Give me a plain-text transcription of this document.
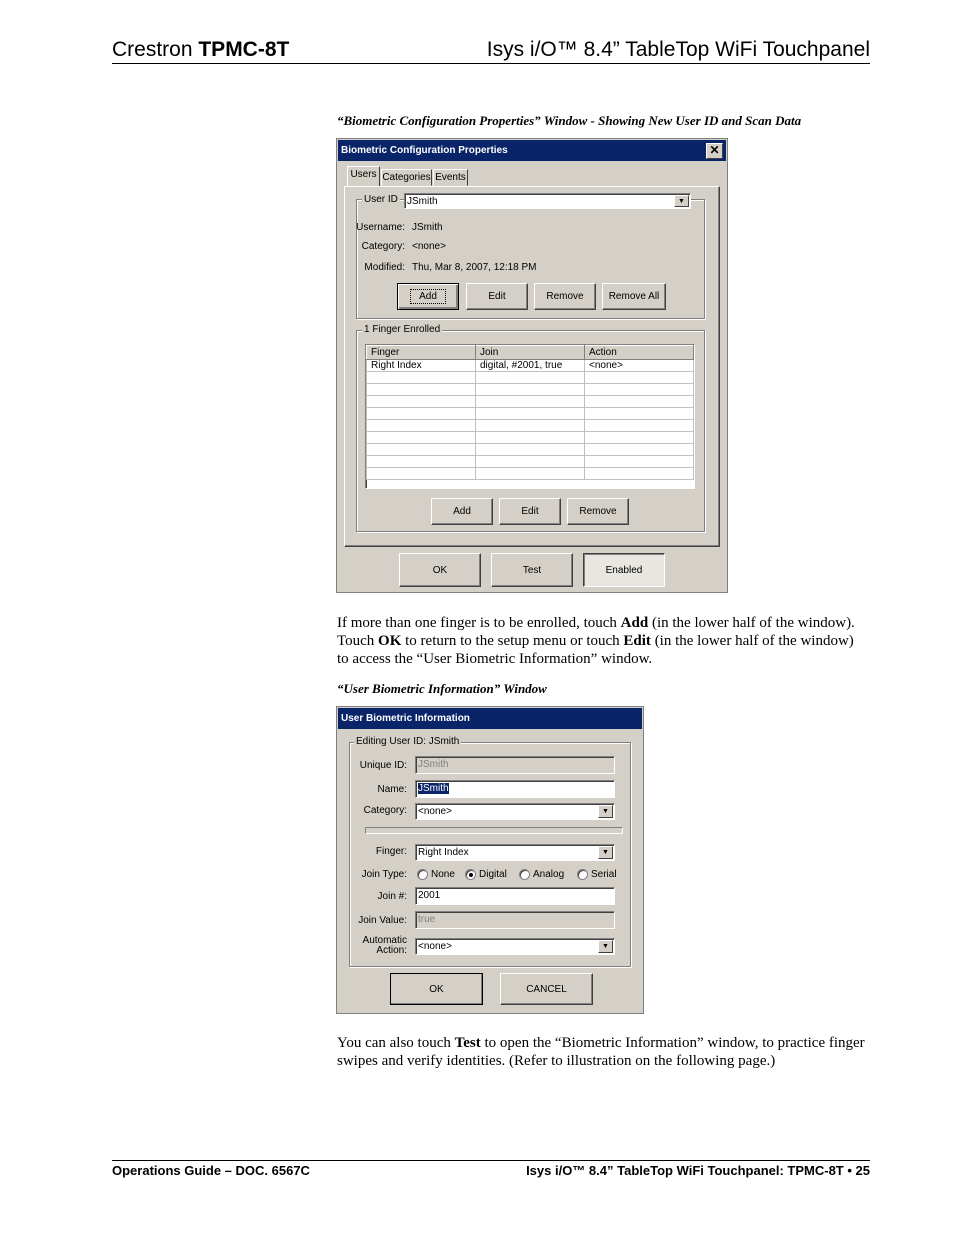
Crestron TPMC-8T	Isys i/O™ 8.4” TableTop WiFi Touchpanel
“Biometric Configuration Properties” Window - Showing New User ID and Scan Data
Biometric Configuration Properties	✕
Users Categories Events
User ID JSmith	▼
Username: JSmith
Category: <none>
Modified: Thu, Mar 8, 2007, 12:18 PM
Add	Edit	Remove	Remove All
1 Finger Enrolled
Finger	Join	Action
Right Index	digital, #2001, true	<none>

Add	Edit	Remove
OK	Test	Enabled
If more than one finger is to be enrolled, touch Add (in the lower half of the window). Touch OK to return to the setup menu or touch Edit (in the lower half of the window) to access the “User Biometric Information” window.
“User Biometric Information” Window
User Biometric Information
Editing User ID: JSmith
Unique ID:	JSmith
Name:	JSmith
Category:	<none>	▼
Finger:	Right Index	▼
Join Type: None Digital	Analog	Serial
Join #:	2001
Join Value:	true
Automatic
Action:	<none>	▼
OK	CANCEL
You can also touch Test to open the “Biometric Information” window, to practice finger swipes and verify identities. (Refer to illustration on the following page.)
Operations Guide – DOC. 6567C	Isys i/O™ 8.4” TableTop WiFi Touchpanel: TPMC-8T • 25
